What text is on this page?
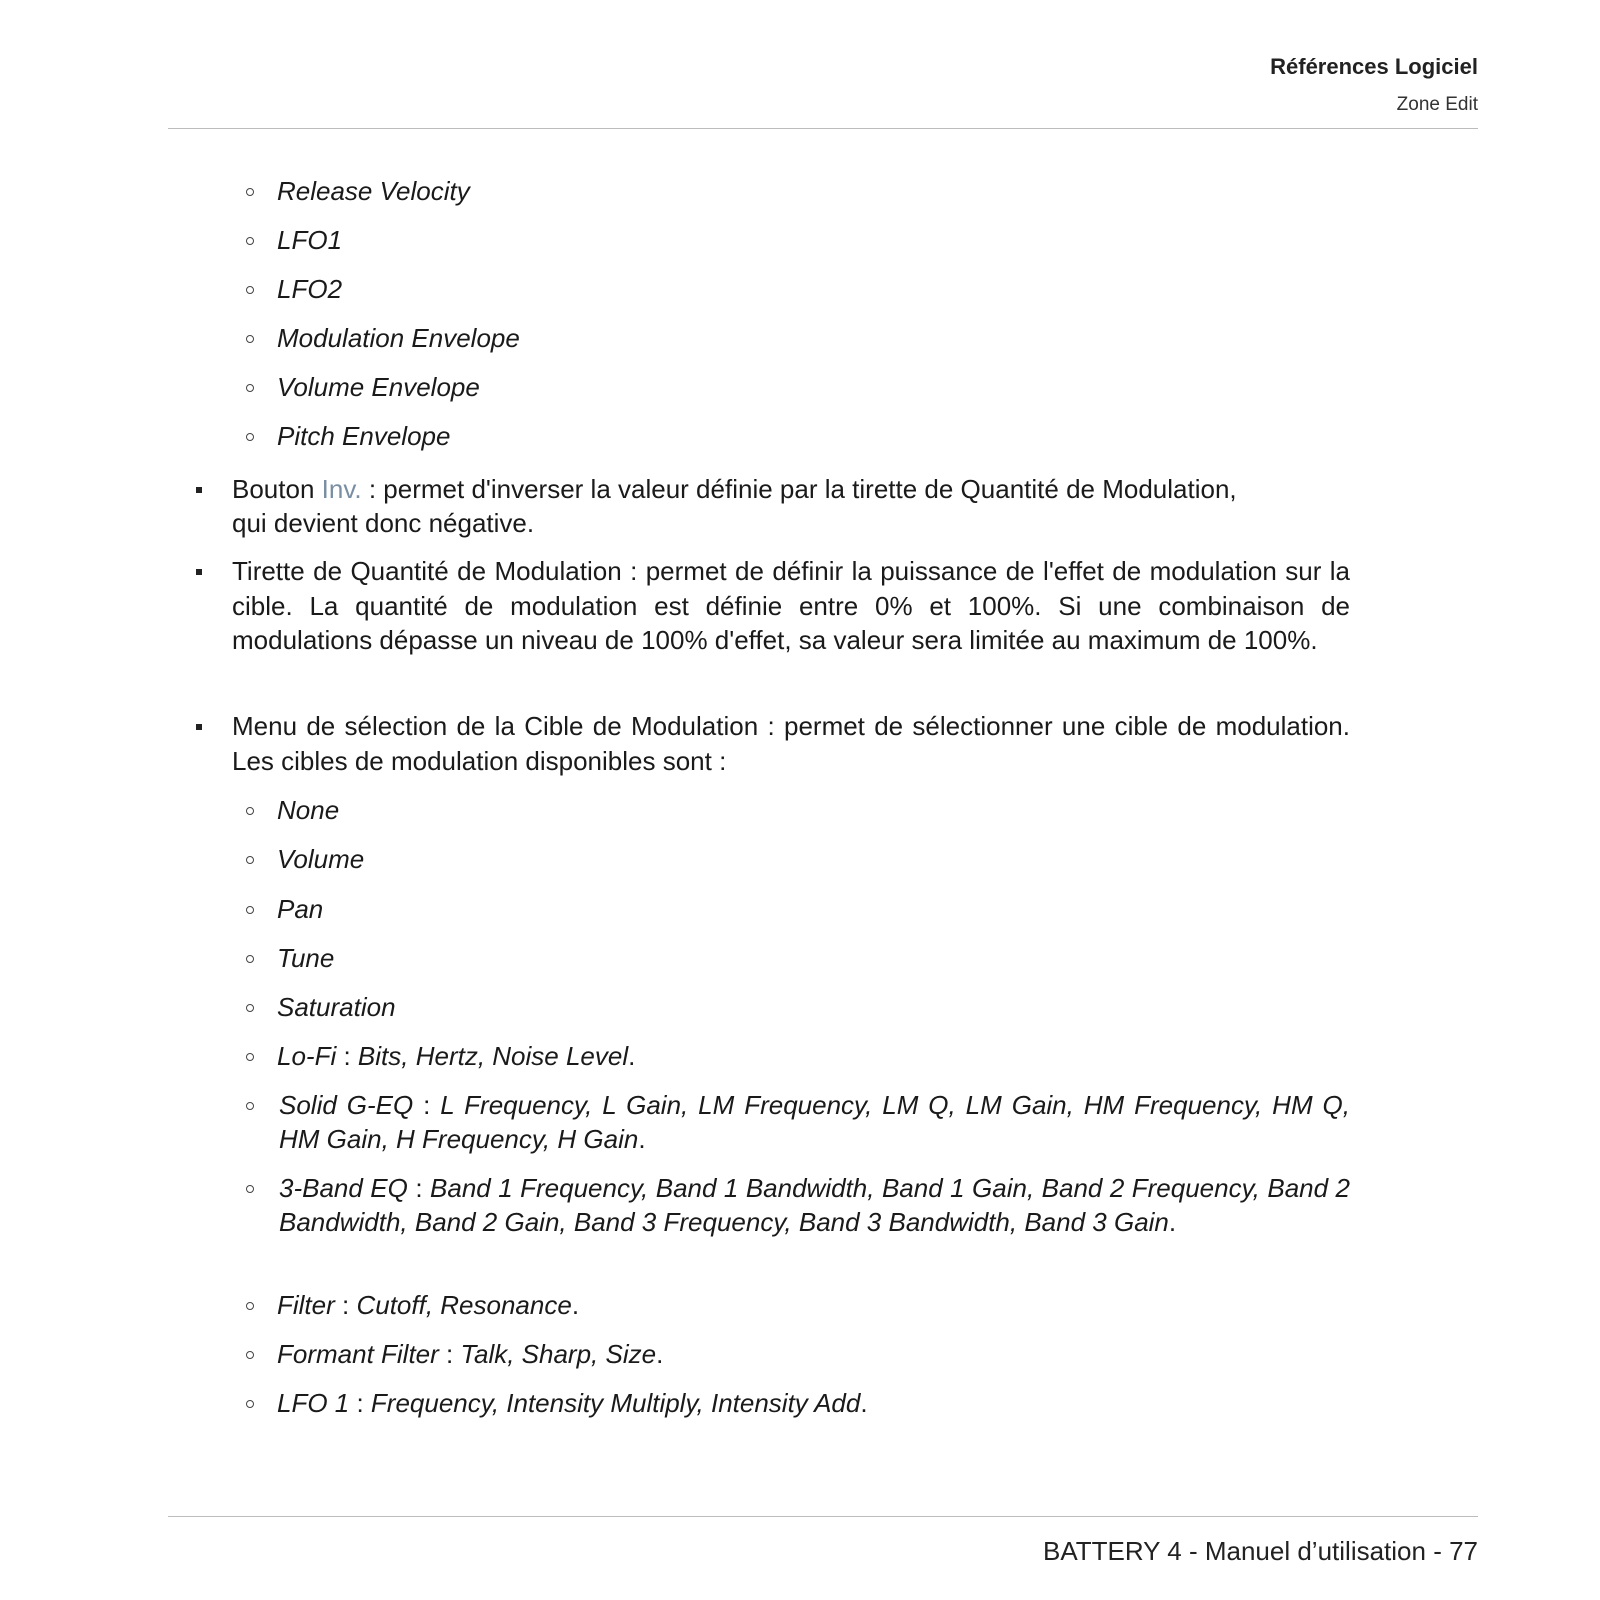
Références Logiciel
Zone Edit
Release Velocity
LFO1
LFO2
Modulation Envelope
Volume Envelope
Pitch Envelope
Bouton Inv. : permet d'inverser la valeur définie par la tirette de Quantité de Modulation,
qui devient donc négative.
Tirette de Quantité de Modulation : permet de définir la puissance de l'effet de modulation sur la cible. La quantité de modulation est définie entre 0% et 100%. Si une combinaison de modulations dépasse un niveau de 100% d'effet, sa valeur sera limitée au maximum de 100%.
Menu de sélection de la Cible de Modulation : permet de sélectionner une cible de modulation. Les cibles de modulation disponibles sont :
None
Volume
Pan
Tune
Saturation
Lo-Fi : Bits, Hertz, Noise Level.
Solid G-EQ : L Frequency, L Gain, LM Frequency, LM Q, LM Gain, HM Frequency, HM Q, HM Gain, H Frequency, H Gain.
3-Band EQ : Band 1 Frequency, Band 1 Bandwidth, Band 1 Gain, Band 2 Frequency, Band 2 Bandwidth, Band 2 Gain, Band 3 Frequency, Band 3 Bandwidth, Band 3 Gain.
Filter : Cutoff, Resonance.
Formant Filter : Talk, Sharp, Size.
LFO 1 : Frequency, Intensity Multiply, Intensity Add.
BATTERY 4 - Manuel d’utilisation - 77
